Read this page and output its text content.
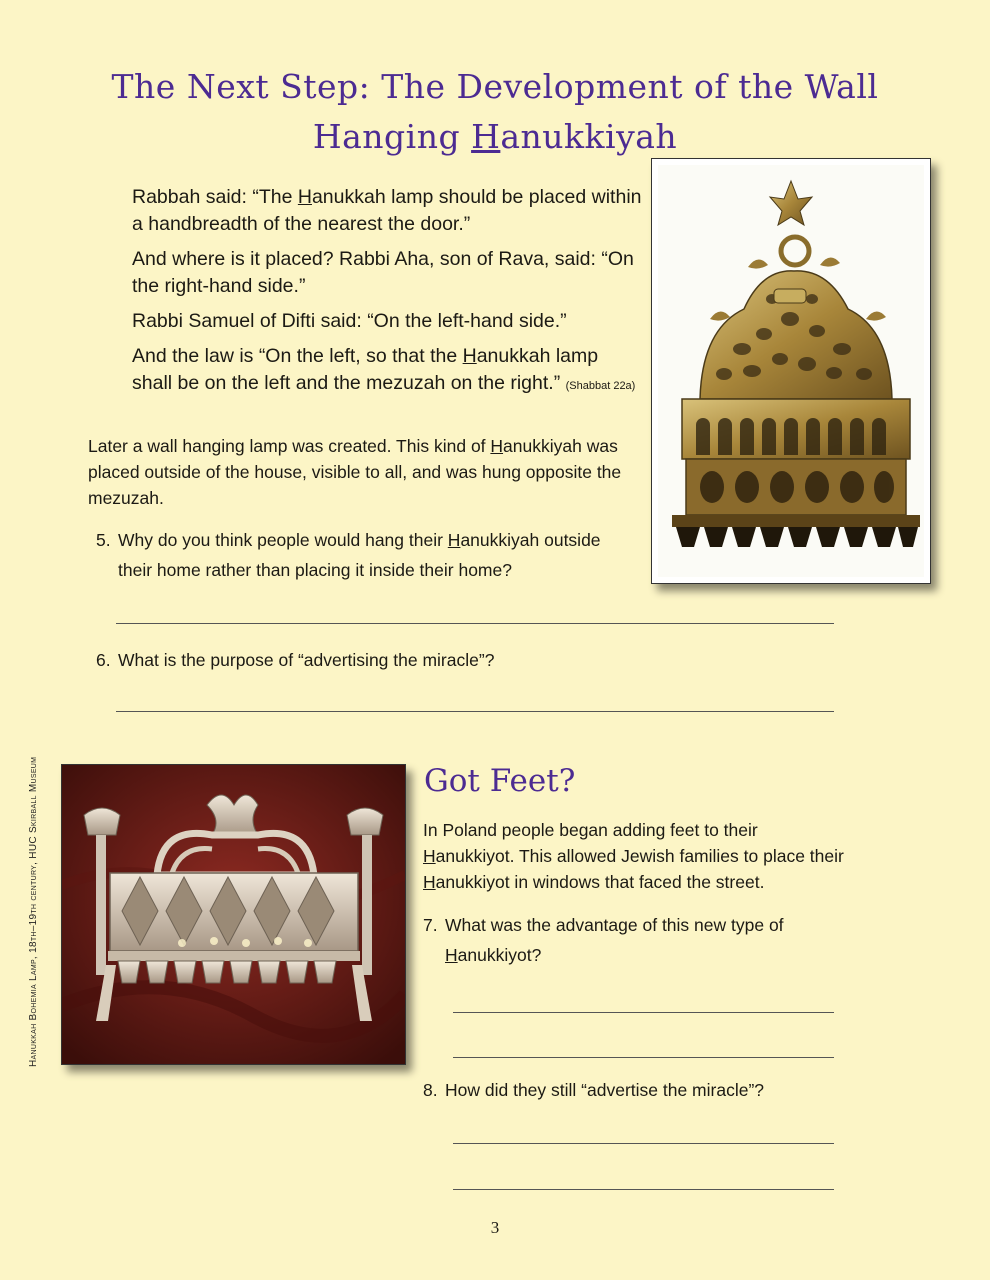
The Next Step: The Development of the Wall
Hanging Hanukkiyah

Rabbah said: “The Hanukkah lamp should be placed within a handbreadth of the nearest the door.”

And where is it placed? Rabbi Aha, son of Rava, said: “On the right-hand side.”

Rabbi Samuel of Difti said: “On the left-hand side.”

And the law is “On the left, so that the Hanukkah lamp shall be on the left and the mezuzah on the right.” (Shabbat 22a)

Later a wall hanging lamp was created. This kind of Hanukkiyah was placed outside of the house, visible to all, and was hung opposite the mezuzah.
5. Why do you think people would hang their Hanukkiyah outside their home rather than placing it inside their home?
6. What is the purpose of “advertising the miracle”?
Hanukkah Bohemia Lamp, 18th–19th century, HUC Skirball Museum	Got Feet?
In Poland people began adding feet to their Hanukkiyot. This allowed Jewish families to place their Hanukkiyot in windows that faced the street.
7. What was the advantage of this new type of Hanukkiyot?
8. How did they still “advertise the miracle”?
3
